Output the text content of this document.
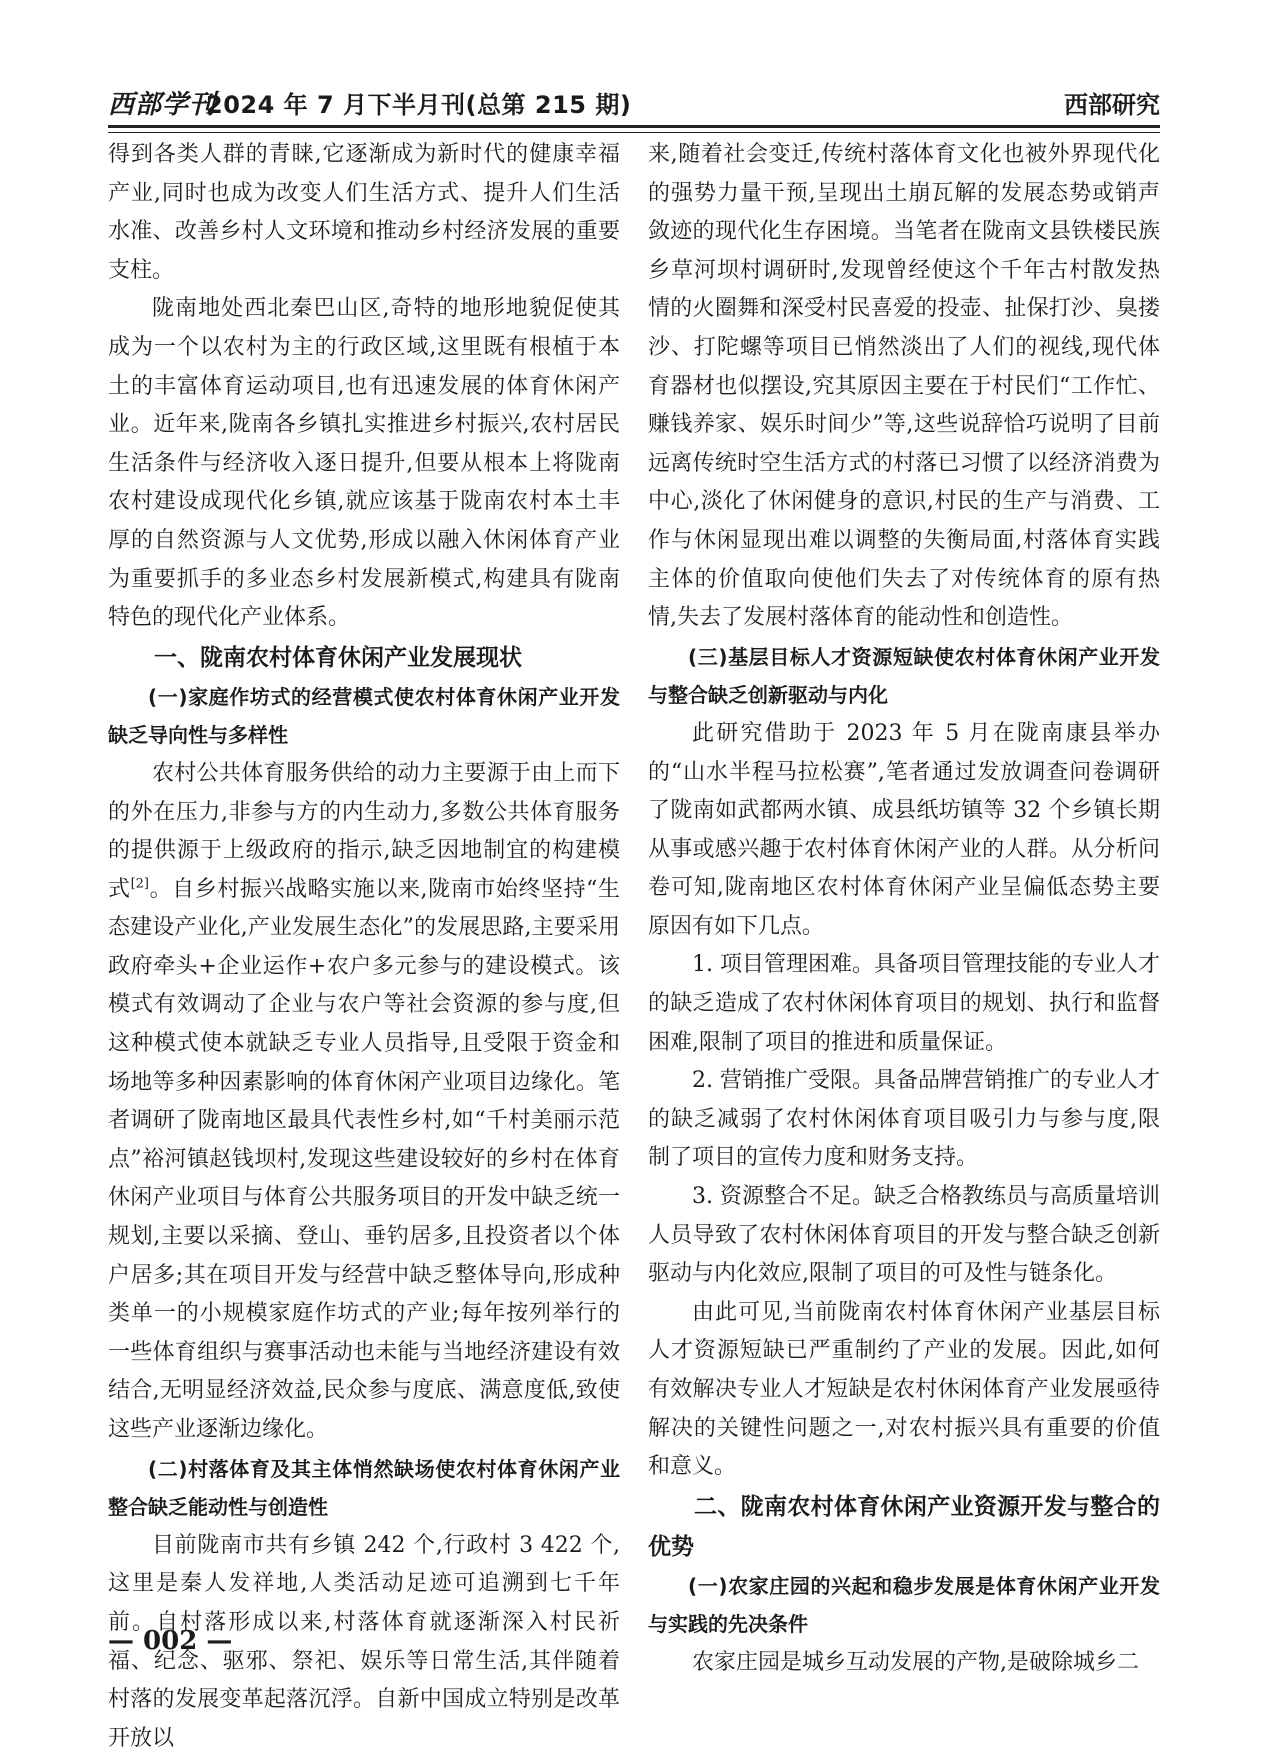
西部学刊
2024 年 7 月下半月刊(总第 215 期)	西部研究

得到各类人群的青睐,它逐渐成为新时代的健康幸福产业,同时也成为改变人们生活方式、提升人们生活水准、改善乡村人文环境和推动乡村经济发展的重要支柱。

陇南地处西北秦巴山区,奇特的地形地貌促使其成为一个以农村为主的行政区域,这里既有根植于本土的丰富体育运动项目,也有迅速发展的体育休闲产业。近年来,陇南各乡镇扎实推进乡村振兴,农村居民生活条件与经济收入逐日提升,但要从根本上将陇南农村建设成现代化乡镇,就应该基于陇南农村本土丰厚的自然资源与人文优势,形成以融入休闲体育产业为重要抓手的多业态乡村发展新模式,构建具有陇南特色的现代化产业体系。

一、陇南农村体育休闲产业发展现状
(一)家庭作坊式的经营模式使农村体育休闲产业开发缺乏导向性与多样性

农村公共体育服务供给的动力主要源于由上而下的外在压力,非参与方的内生动力,多数公共体育服务的提供源于上级政府的指示,缺乏因地制宜的构建模式[2]。自乡村振兴战略实施以来,陇南市始终坚持“生态建设产业化,产业发展生态化”的发展思路,主要采用政府牵头+企业运作+农户多元参与的建设模式。该模式有效调动了企业与农户等社会资源的参与度,但这种模式使本就缺乏专业人员指导,且受限于资金和场地等多种因素影响的体育休闲产业项目边缘化。笔者调研了陇南地区最具代表性乡村,如“千村美丽示范点”裕河镇赵钱坝村,发现这些建设较好的乡村在体育休闲产业项目与体育公共服务项目的开发中缺乏统一规划,主要以采摘、登山、垂钓居多,且投资者以个体户居多;其在项目开发与经营中缺乏整体导向,形成种类单一的小规模家庭作坊式的产业;每年按列举行的一些体育组织与赛事活动也未能与当地经济建设有效结合,无明显经济效益,民众参与度底、满意度低,致使这些产业逐渐边缘化。

(二)村落体育及其主体悄然缺场使农村体育休闲产业整合缺乏能动性与创造性

目前陇南市共有乡镇 242 个,行政村 3 422 个,这里是秦人发祥地,人类活动足迹可追溯到七千年前。自村落形成以来,村落体育就逐渐深入村民祈福、纪念、驱邪、祭祀、娱乐等日常生活,其伴随着村落的发展变革起落沉浮。自新中国成立特别是改革开放以

来,随着社会变迁,传统村落体育文化也被外界现代化的强势力量干预,呈现出土崩瓦解的发展态势或销声敛迹的现代化生存困境。当笔者在陇南文县铁楼民族乡草河坝村调研时,发现曾经使这个千年古村散发热情的火圈舞和深受村民喜爱的投壶、扯保打沙、臭搂沙、打陀螺等项目已悄然淡出了人们的视线,现代体育器材也似摆设,究其原因主要在于村民们“工作忙、赚钱养家、娱乐时间少”等,这些说辞恰巧说明了目前远离传统时空生活方式的村落已习惯了以经济消费为中心,淡化了休闲健身的意识,村民的生产与消费、工作与休闲显现出难以调整的失衡局面,村落体育实践主体的价值取向使他们失去了对传统体育的原有热情,失去了发展村落体育的能动性和创造性。

(三)基层目标人才资源短缺使农村体育休闲产业开发与整合缺乏创新驱动与内化

此研究借助于 2023 年 5 月在陇南康县举办的“山水半程马拉松赛”,笔者通过发放调查问卷调研了陇南如武都两水镇、成县纸坊镇等 32 个乡镇长期从事或感兴趣于农村体育休闲产业的人群。从分析问卷可知,陇南地区农村体育休闲产业呈偏低态势主要原因有如下几点。

1. 项目管理困难。具备项目管理技能的专业人才的缺乏造成了农村休闲体育项目的规划、执行和监督困难,限制了项目的推进和质量保证。

2. 营销推广受限。具备品牌营销推广的专业人才的缺乏减弱了农村休闲体育项目吸引力与参与度,限制了项目的宣传力度和财务支持。

3. 资源整合不足。缺乏合格教练员与高质量培训人员导致了农村休闲体育项目的开发与整合缺乏创新驱动与内化效应,限制了项目的可及性与链条化。

由此可见,当前陇南农村体育休闲产业基层目标人才资源短缺已严重制约了产业的发展。因此,如何有效解决专业人才短缺是农村休闲体育产业发展亟待解决的关键性问题之一,对农村振兴具有重要的价值和意义。

二、陇南农村体育休闲产业资源开发与整合的优势
(一)农家庄园的兴起和稳步发展是体育休闲产业开发与实践的先决条件

农家庄园是城乡互动发展的产物,是破除城乡二

— 002 —
